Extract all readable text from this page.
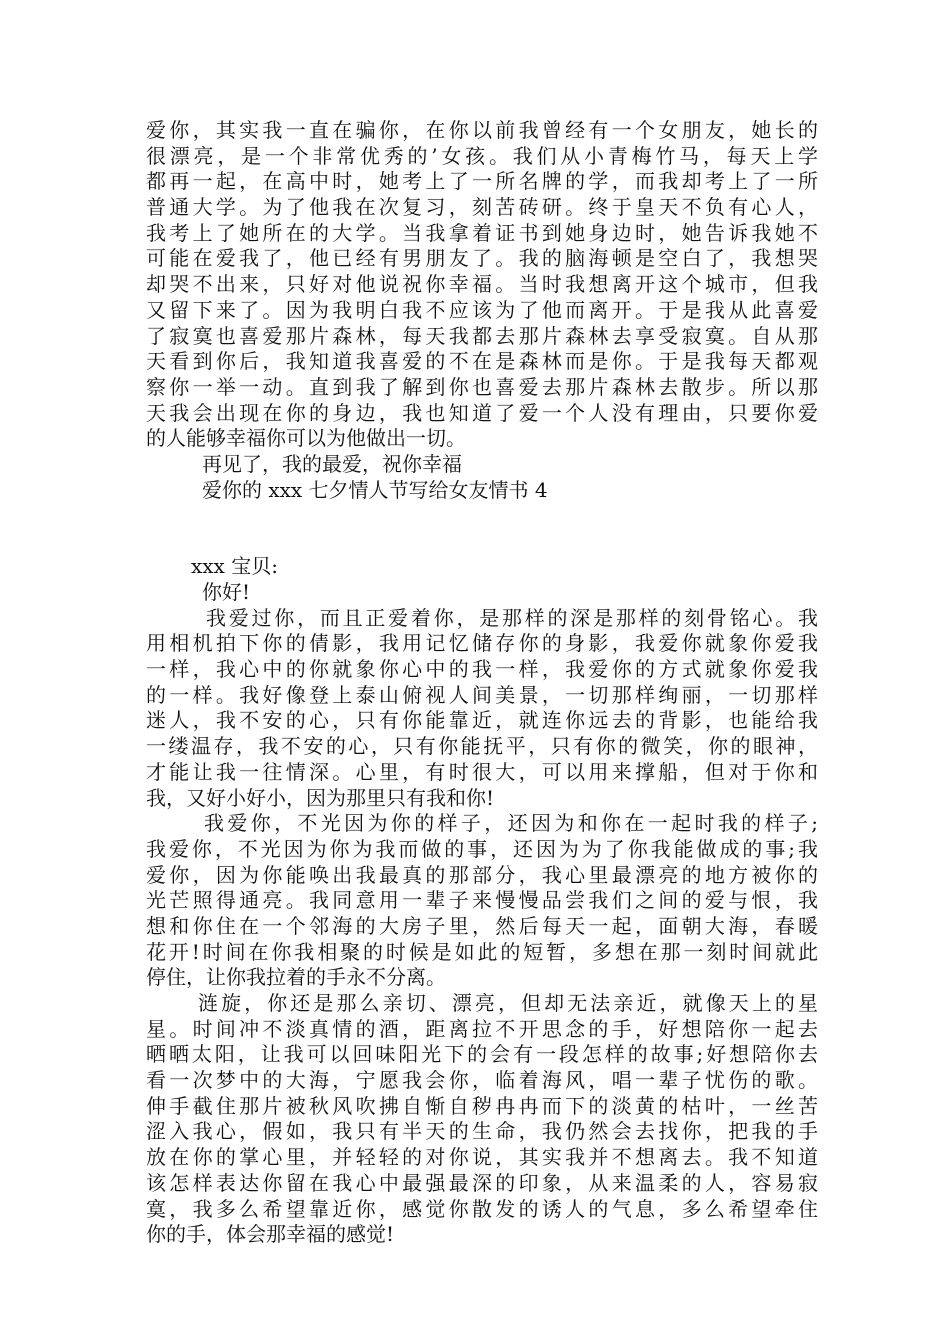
爱你，其实我一直在骗你，在你以前我曾经有一个女朋友，她长的
很漂亮，是一个非常优秀的’女孩。我们从小青梅竹马，每天上学
都再一起，在高中时，她考上了一所名牌的学，而我却考上了一所
普通大学。为了他我在次复习，刻苦砖研。终于皇天不负有心人，
我考上了她所在的大学。当我拿着证书到她身边时，她告诉我她不
可能在爱我了，他已经有男朋友了。我的脑海顿是空白了，我想哭
却哭不出来，只好对他说祝你幸福。当时我想离开这个城市，但我
又留下来了。因为我明白我不应该为了他而离开。于是我从此喜爱
了寂寞也喜爱那片森林，每天我都去那片森林去享受寂寞。自从那
天看到你后，我知道我喜爱的不在是森林而是你。于是我每天都观
察你一举一动。直到我了解到你也喜爱去那片森林去散步。所以那
天我会出现在你的身边，我也知道了爱一个人没有理由，只要你爱
的人能够幸福你可以为他做出一切。
再见了，我的最爱，祝你幸福
爱你的 xxx 七夕情人节写给女友情书 4
xxx 宝贝:
你好!
我爱过你，而且正爱着你，是那样的深是那样的刻骨铭心。我
用相机拍下你的倩影，我用记忆储存你的身影，我爱你就象你爱我
一样，我心中的你就象你心中的我一样，我爱你的方式就象你爱我
的一样。我好像登上泰山俯视人间美景，一切那样绚丽，一切那样
迷人，我不安的心，只有你能靠近，就连你远去的背影，也能给我
一缕温存，我不安的心，只有你能抚平，只有你的微笑，你的眼神，
才能让我一往情深。心里，有时很大，可以用来撑船，但对于你和
我，又好小好小，因为那里只有我和你!
我爱你，不光因为你的样子，还因为和你在一起时我的样子;
我爱你，不光因为你为我而做的事，还因为为了你我能做成的事;我
爱你，因为你能唤出我最真的那部分，我心里最漂亮的地方被你的
光芒照得通亮。我同意用一辈子来慢慢品尝我们之间的爱与恨，我
想和你住在一个邻海的大房子里，然后每天一起，面朝大海，春暖
花开!时间在你我相聚的时候是如此的短暂，多想在那一刻时间就此
停住，让你我拉着的手永不分离。
涟旋，你还是那么亲切、漂亮，但却无法亲近，就像天上的星
星。时间冲不淡真情的酒，距离拉不开思念的手，好想陪你一起去
晒晒太阳，让我可以回味阳光下的会有一段怎样的故事;好想陪你去
看一次梦中的大海，宁愿我会你，临着海风，唱一辈子忧伤的歌。
伸手截住那片被秋风吹拂自惭自秽冉冉而下的淡黄的枯叶，一丝苦
涩入我心，假如，我只有半天的生命，我仍然会去找你，把我的手
放在你的掌心里，并轻轻的对你说，其实我并不想离去。我不知道
该怎样表达你留在我心中最强最深的印象，从来温柔的人，容易寂
寞，我多么希望靠近你，感觉你散发的诱人的气息，多么希望牵住
你的手，体会那幸福的感觉!
